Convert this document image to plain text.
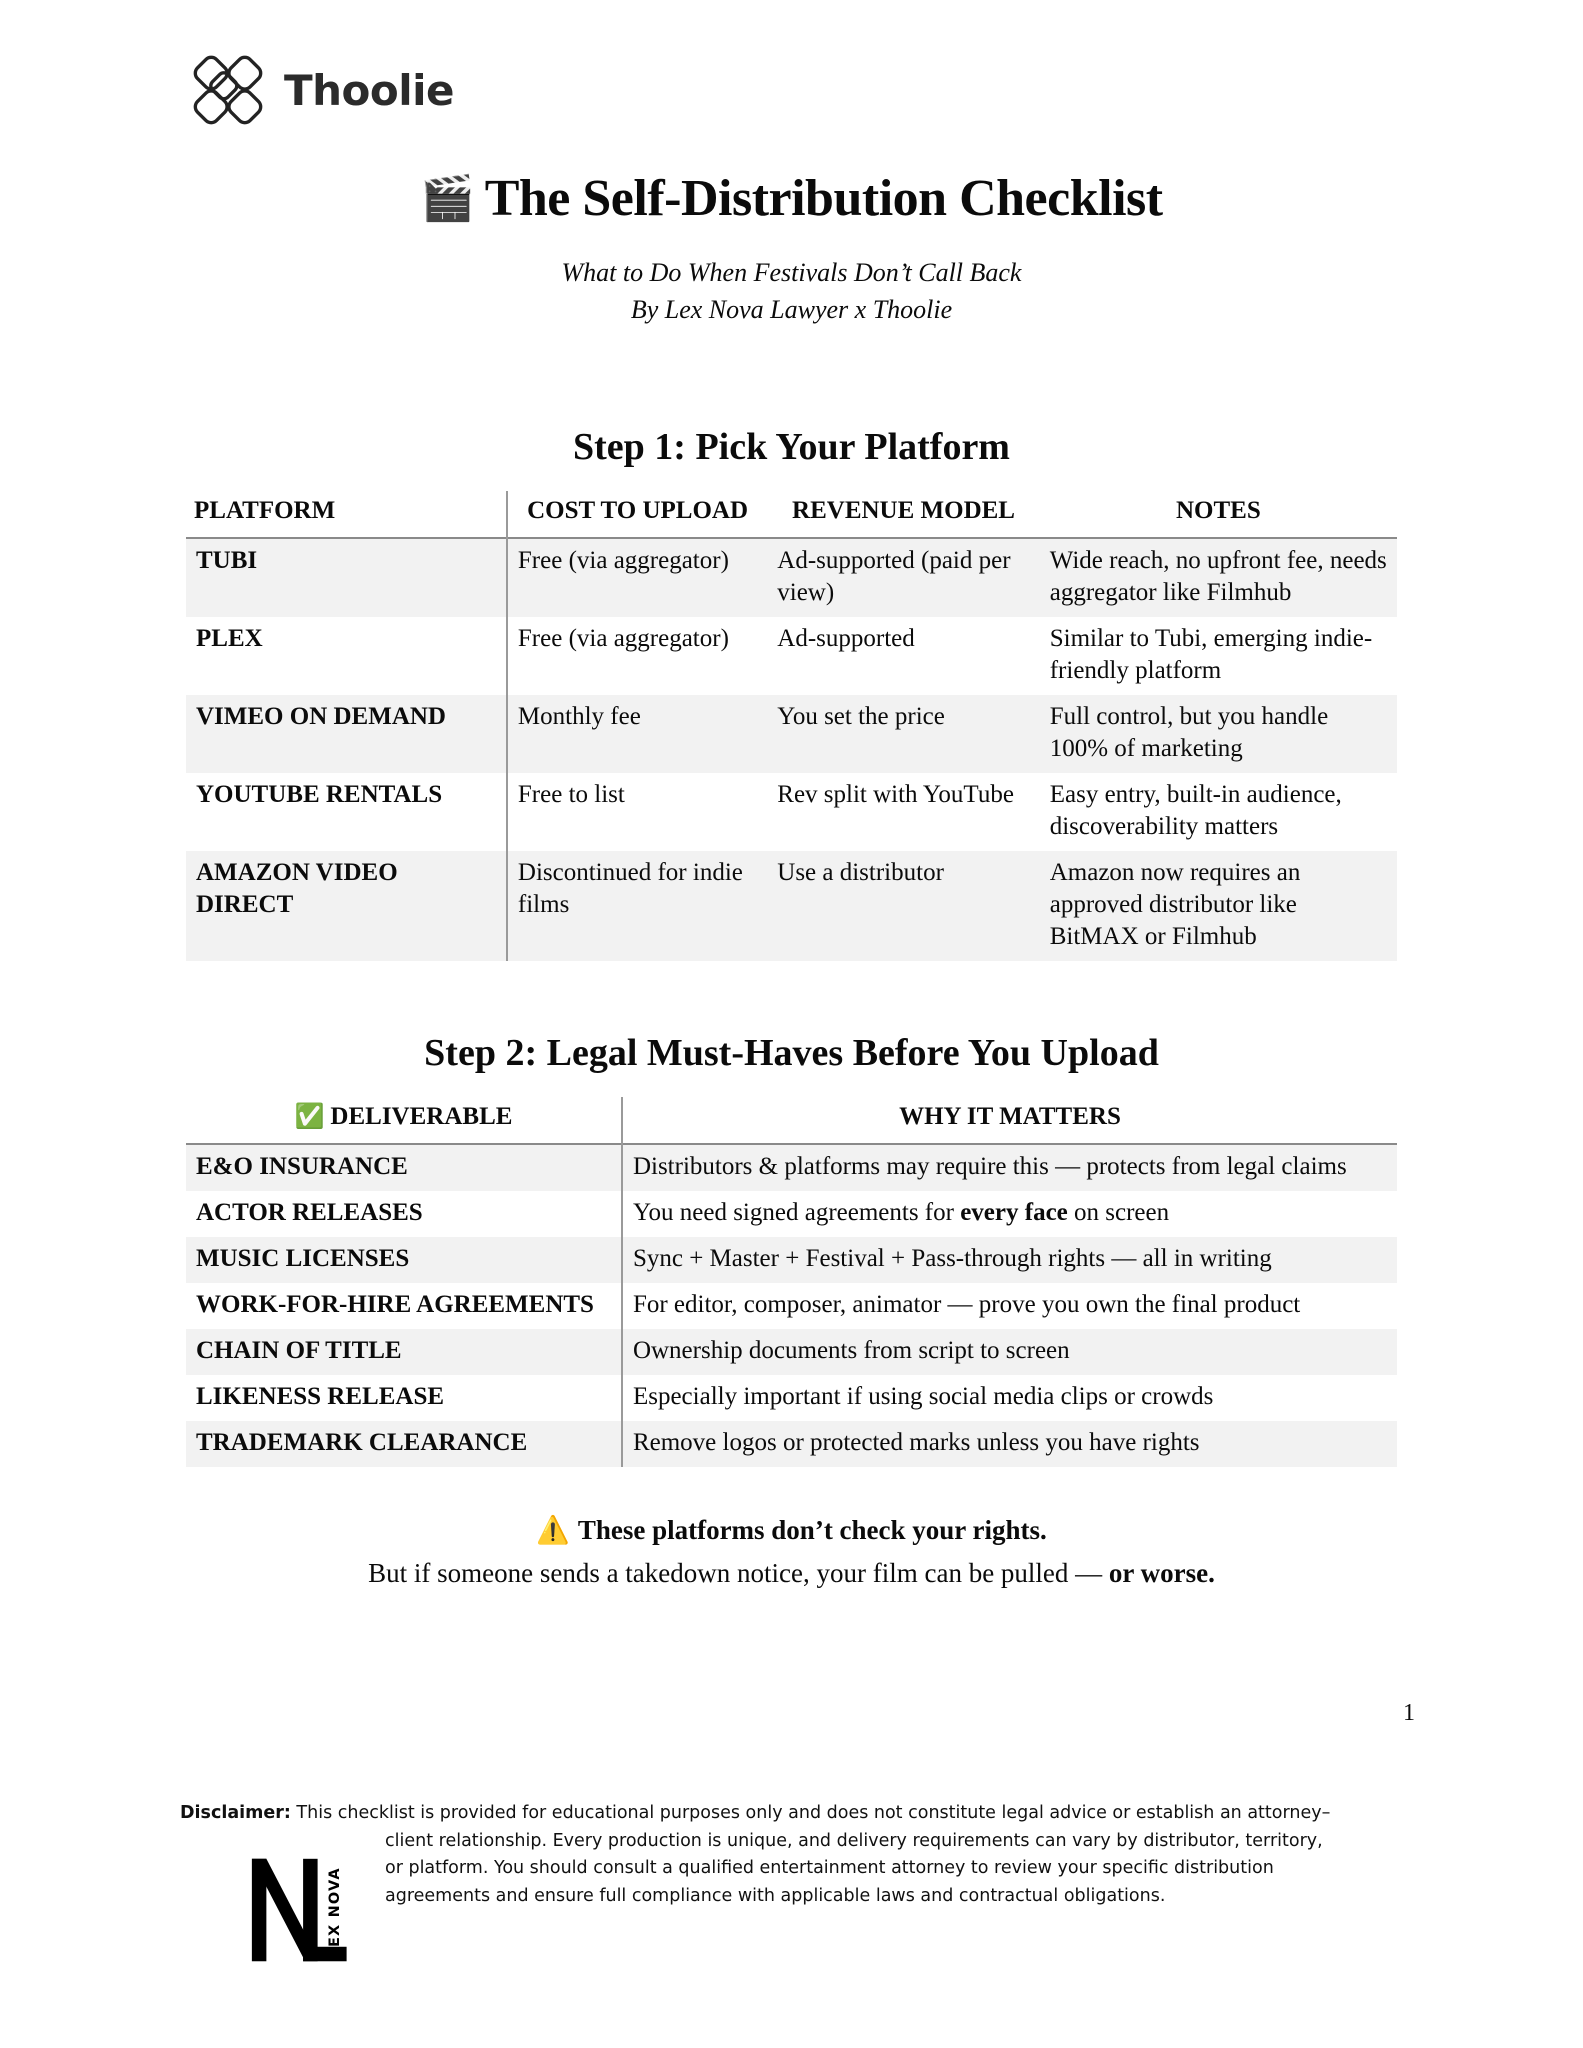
Thoolie
🎬 The Self-Distribution Checklist
What to Do When Festivals Don’t Call Back
By Lex Nova Lawyer x Thoolie
Step 1: Pick Your Platform
PLATFORM	COST TO UPLOAD	REVENUE MODEL	NOTES
TUBI	Free (via aggregator)	Ad-supported (paid per view)	Wide reach, no upfront fee, needs aggregator like Filmhub
PLEX	Free (via aggregator)	Ad-supported	Similar to Tubi, emerging indie-friendly platform
VIMEO ON DEMAND	Monthly fee	You set the price	Full control, but you handle 100% of marketing
YOUTUBE RENTALS	Free to list	Rev split with YouTube	Easy entry, built-in audience, discoverability matters
AMAZON VIDEO DIRECT	Discontinued for indie films	Use a distributor	Amazon now requires an approved distributor like BitMAX or Filmhub
Step 2: Legal Must-Haves Before You Upload
✅ DELIVERABLE	WHY IT MATTERS
E&O INSURANCE	Distributors & platforms may require this — protects from legal claims
ACTOR RELEASES	You need signed agreements for every face on screen
MUSIC LICENSES	Sync + Master + Festival + Pass-through rights — all in writing
WORK-FOR-HIRE AGREEMENTS	For editor, composer, animator — prove you own the final product
CHAIN OF TITLE	Ownership documents from script to screen
LIKENESS RELEASE	Especially important if using social media clips or crowds
TRADEMARK CLEARANCE	Remove logos or protected marks unless you have rights
⚠️ These platforms don’t check your rights.
But if someone sends a takedown notice, your film can be pulled — or worse.
1
Disclaimer: This checklist is provided for educational purposes only and does not constitute legal advice or establish an attorney–
client relationship. Every production is unique, and delivery requirements can vary by distributor, territory,
or platform. You should consult a qualified entertainment attorney to review your specific distribution
agreements and ensure full compliance with applicable laws and contractual obligations.
LEX NOVA
